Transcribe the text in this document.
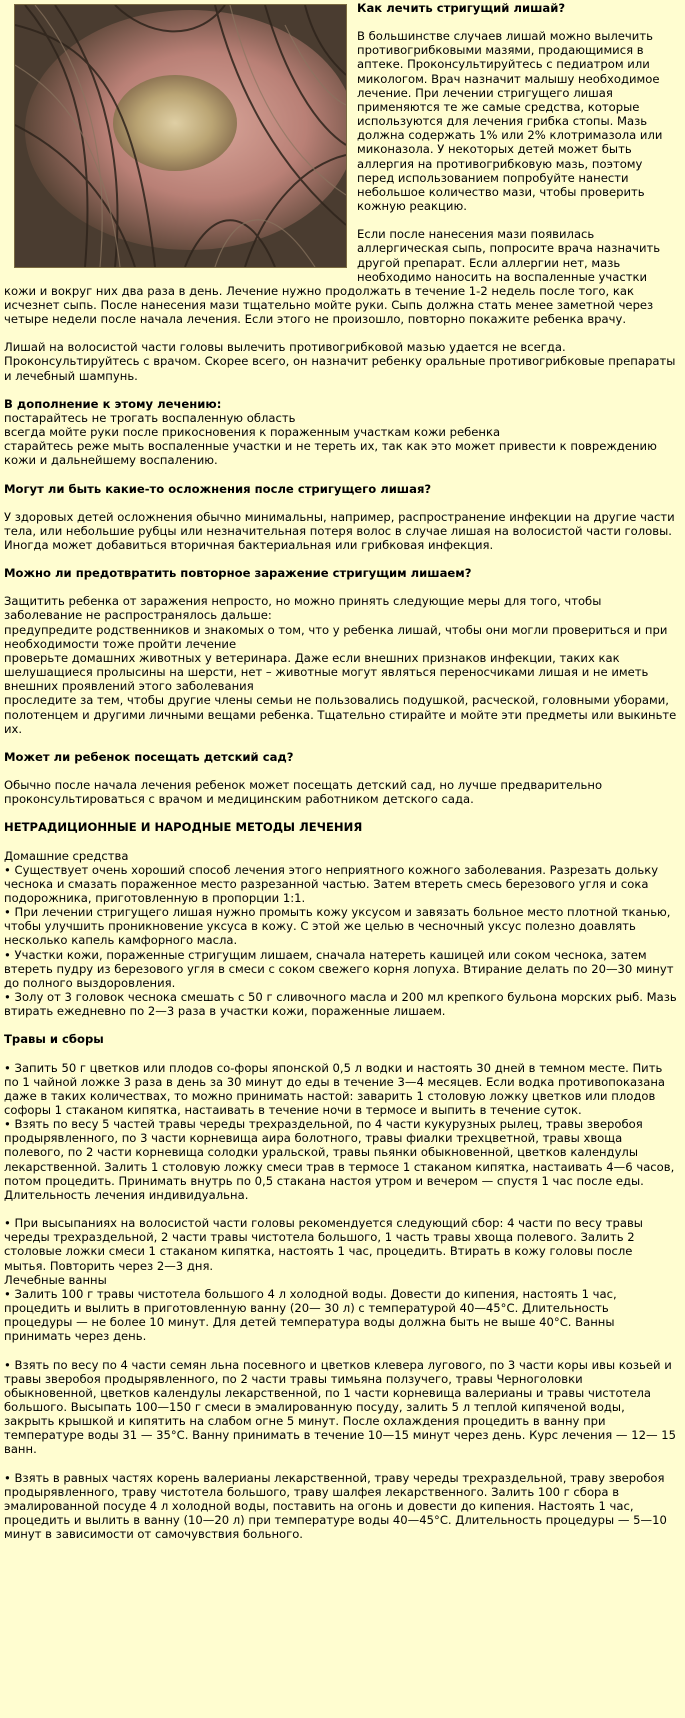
Как лечить стригущий лишай?

В большинстве случаев лишай можно вылечить противогрибковыми мазями, продающимися в аптеке. Проконсультируйтесь с педиатром или микологом. Врач назначит малышу необходимое лечение. При лечении стригущего лишая применяются те же самые средства, которые используются для лечения грибка стопы. Мазь должна содержать 1% или 2% клотримазола или миконазола. У некоторых детей может быть аллергия на противогрибковую мазь, поэтому перед использованием попробуйте нанести небольшое количество мази, чтобы проверить кожную реакцию.

Если после нанесения мази появилась аллергическая сыпь, попросите врача назначить другой препарат. Если аллергии нет, мазь необходимо наносить на воспаленные участки кожи и вокруг них два раза в день. Лечение нужно продолжать в течение 1-2 недель после того, как исчезнет сыпь. После нанесения мази тщательно мойте руки. Сыпь должна стать менее заметной через четыре недели после начала лечения. Если этого не произошло, повторно покажите ребенка врачу.

Лишай на волосистой части головы вылечить противогрибковой мазью удается не всегда. Проконсультируйтесь с врачом. Скорее всего, он назначит ребенку оральные противогрибковые препараты и лечебный шампунь.

В дополнение к этому лечению:

постарайтесь не трогать воспаленную область

всегда мойте руки после прикосновения к пораженным участкам кожи ребенка

старайтесь реже мыть воспаленные участки и не тереть их, так как это может привести к повреждению кожи и дальнейшему воспалению.

Могут ли быть какие-то осложнения после стригущего лишая?

У здоровых детей осложнения обычно минимальны, например, распространение инфекции на другие части тела, или небольшие рубцы или незначительная потеря волос в случае лишая на волосистой части головы. Иногда может добавиться вторичная бактериальная или грибковая инфекция.

Можно ли предотвратить повторное заражение стригущим лишаем?

Защитить ребенка от заражения непросто, но можно принять следующие меры для того, чтобы заболевание не распространялось дальше:

предупредите родственников и знакомых о том, что у ребенка лишай, чтобы они могли провериться и при необходимости тоже пройти лечение

проверьте домашних животных у ветеринара. Даже если внешних признаков инфекции, таких как шелушащиеся пролысины на шерсти, нет – животные могут являться переносчиками лишая и не иметь внешних проявлений этого заболевания

проследите за тем, чтобы другие члены семьи не пользовались подушкой, расческой, головными уборами, полотенцем и другими личными вещами ребенка. Тщательно стирайте и мойте эти предметы или выкиньте их.

Может ли ребенок посещать детский сад?

Обычно после начала лечения ребенок может посещать детский сад, но лучше предварительно проконсультироваться с врачом и медицинским работником детского сада.

НЕТРАДИЦИОННЫЕ И НАРОДНЫЕ МЕТОДЫ ЛЕЧЕНИЯ

Домашние средства

• Существует очень хороший способ лечения этого неприятного кожного заболевания. Разрезать дольку чеснока и смазать пораженное место разрезанной частью. Затем втереть смесь березового угля и сока подорожника, приготовленную в пропорции 1:1.

• При лечении стригущего лишая нужно промыть кожу уксусом и завязать больное место плотной тканью, чтобы улучшить проникновение уксуса в кожу. С этой же целью в чесночный уксус полезно доавлять несколько капель камфорного масла.

• Участки кожи, пораженные стригущим лишаем, сначала натереть кашицей или соком чеснока, затем втереть пудру из березового угля в смеси с соком свежего корня лопуха. Втирание делать по 20—30 минут до полного выздоровления.

• Золу от 3 головок чеснока смешать с 50 г сливочного масла и 200 мл крепкого бульона морских рыб. Мазь втирать ежедневно по 2—3 раза в участки кожи, пораженные лишаем.

Травы и сборы

• Запить 50 г цветков или плодов со-форы японской 0,5 л водки и настоять 30 дней в темном месте. Пить по 1 чайной ложке 3 раза в день за 30 минут до еды в течение 3—4 месяцев. Если водка противопоказана даже в таких количествах, то можно принимать настой: заварить 1 столовую ложку цветков или плодов софоры 1 стаканом кипятка, настаивать в течение ночи в термосе и выпить в течение суток.

• Взять по весу 5 частей травы череды трехраздельной, по 4 части кукурузных рылец, травы зверобоя продырявленного, по 3 части корневища аира болотного, травы фиалки трехцветной, травы хвоща полевого, по 2 части корневища солодки уральской, травы пьянки обыкновенной, цветков календулы лекарственной. Залить 1 столовую ложку смеси трав в термосе 1 стаканом кипятка, настаивать 4—6 часов, потом процедить. Принимать внутрь по 0,5 стакана настоя утром и вечером — спустя 1 час после еды. Длительность лечения индивидуальна.

• При высыпаниях на волосистой части головы рекомендуется следующий сбор: 4 части по весу травы череды трехраздельной, 2 части травы чистотела большого, 1 часть травы хвоща полевого. Залить 2 столовые ложки смеси 1 стаканом кипятка, настоять 1 час, процедить. Втирать в кожу головы после мытья. Повторить через 2—3 дня.

Лечебные ванны

• Залить 100 г травы чистотела большого 4 л холодной воды. Довести до кипения, настоять 1 час, процедить и вылить в приготовленную ванну (20— 30 л) с температурой 40—45°С. Длительность процедуры — не более 10 минут. Для детей температура воды должна быть не выше 40°С. Ванны принимать через день.

• Взять по весу по 4 части семян льна посевного и цветков клевера лугового, по 3 части коры ивы козьей и травы зверобоя продырявленного, по 2 части травы тимьяна ползучего, травы Черноголовки обыкновенной, цветков календулы лекарственной, по 1 части корневища валерианы и травы чистотела большого. Высыпать 100—150 г смеси в эмалированную посуду, залить 5 л теплой кипяченой воды, закрыть крышкой и кипятить на слабом огне 5 минут. После охлаждения процедить в ванну при температуре воды 31 — 35°С. Ванну принимать в течение 10—15 минут через день. Курс лечения — 12— 15 ванн.

• Взять в равных частях корень валерианы лекарственной, траву череды трехраздельной, траву зверобоя продырявленного, траву чистотела большого, траву шалфея лекарственного. Залить 100 г сбора в эмалированной посуде 4 л холодной воды, поставить на огонь и довести до кипения. Настоять 1 час, процедить и вылить в ванну (10—20 л) при температуре воды 40—45°С. Длительность процедуры — 5—10 минут в зависимости от самочувствия больного.
